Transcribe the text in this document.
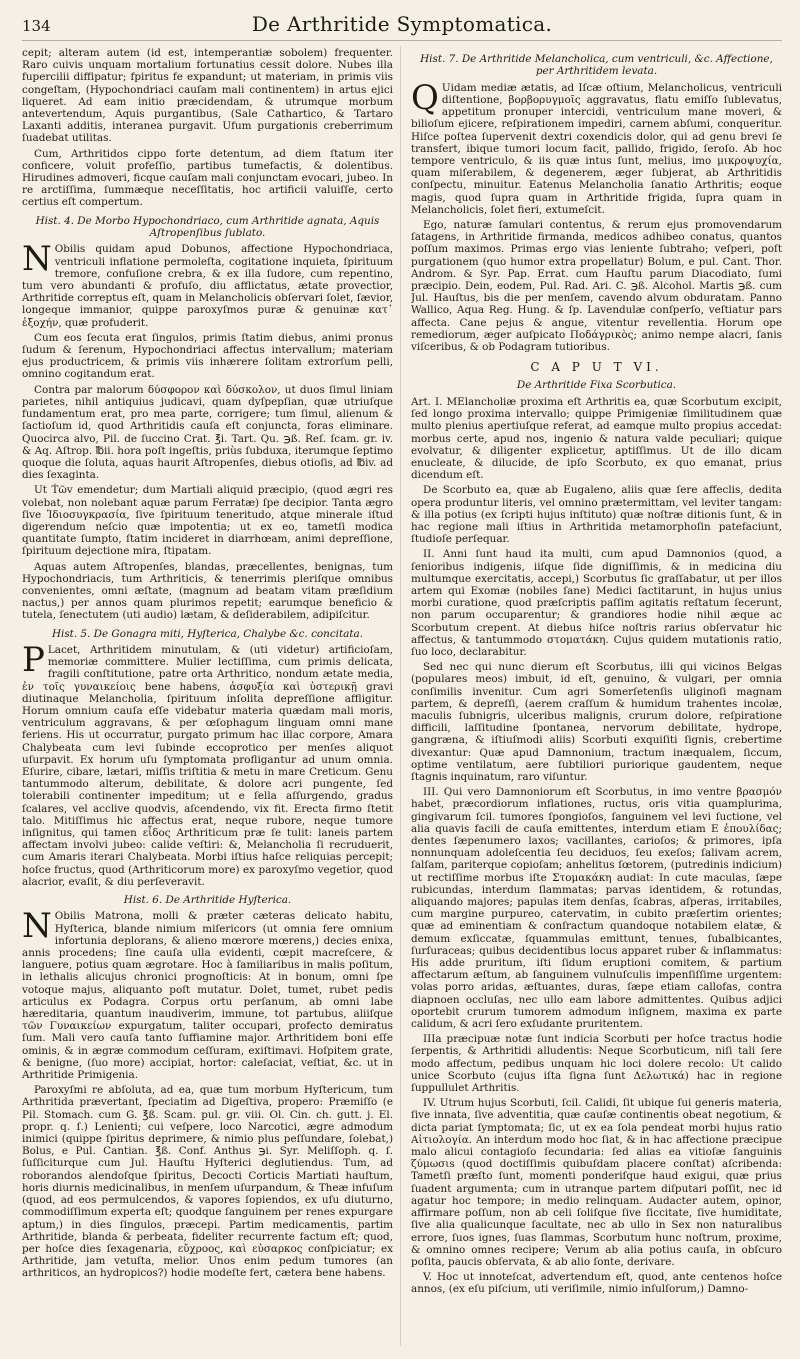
134	De Arthritide Symptomatica.

cepit; alteram autem (id est, intemperantiæ sobolem) frequenter. Raro cuivis unquam mortalium fortunatius cessit dolore. Nubes illa fupercilii diffipatur; fpiritus fe expandunt; ut materiam, in primis viis congeſtam, (Hypochondriaci cauſam mali continentem) in artus ejici liqueret. Ad eam initio præcidendam, & utrumque morbum antevertendum, Aquis purgantibus, (Sale Cathartico, & Tartaro Laxanti additis, interanea purgavit. Ufum purgationis creberrimum ſuadebat utilitas.

Cum, Arthritidos cippo forte detentum, ad diem ſtatum iter conficere, voluit profeſſio, partibus tumefactis, & dolentibus. Hirudines admoveri, ficque cauſam mali conjunctam evocari, jubeo. In re arctiſſima, ſummæque neceſſitatis, hoc artificii valuiſſe, certo certius eſt compertum.

Hist. 4. De Morbo Hypochondriaco, cum Arthritide agnata, Aquis Aſtropenſibus ſublato.

N Obilis quidam apud Dobunos, affectione Hypochondriaca, ventriculi inflatione permoleſta, cogitatione inquieta, ſpirituum tremore, confuſione crebra, & ex illa ſudore, cum repentino, tum vero abundanti & profuſo, diu afflictatus, ætate provectior, Arthritide correptus eſt, quam in Melancholicis obſervari ſolet, ſævior, longeque immanior, quippe paroxyſmos puræ & genuinæ κατ᾽ ἐξοχήν, quæ profuderit.

Cum eos ſecuta erat ſingulos, primis ſtatim diebus, animi pronus ſudum & ſerenum, Hypochondriaci affectus intervallum; materiam ejus productricem, & primis viis inhærere ſolitam extrorſum pelli, omnino cogitandum erat.

Contra par malorum δύσφορον καὶ δύσκολον, ut duos ſimul liniam parietes, nihil antiquius judicavi, quam dyſpepſian, quæ utriuſque fundamentum erat, pro mea parte, corrigere; tum ſimul, alienum & ſactioſum id, quod Arthritidis cauſa eſt conjuncta, foras eliminare. Quocirca alvo, Pil. de ſuccino Crat. ℥i. Tart. Qu. ℈ß. Reſ. ſcam. gr. iv. & Aq. Aſtrop. ℔ii. hora poſt ingeſtis, priùs ſubduxa, iterumque ſeptimo quoque die ſoluta, aquas haurit Aſtropenſes, diebus otioſis, ad ℔iv. ad dies ſexaginta.

Ut Ṫῶv emendetur; dum Martiali aliquid præcipio, (quod ægri res volebat, non nolebant aquæ parum Ferratæ) ſpe decipior. Tanta ægro ſive Ἰδιοσυγκρασία, ſive ſpirituum teneritudo, atque minerale iſtud digerendum neſcio quæ impotentia; ut ex eo, tametſi modica quantitate ſumpto, ſtatim incideret in diarrhœam, animi depreſſione, ſpirituum dejectione mira, ſtipatam.

Aquas autem Aſtropenſes, blandas, præcellentes, benignas, tum Hypochondriacis, tum Arthriticis, & tenerrimis pleriſque omnibus convenientes, omni æſtate, (magnum ad beatam vitam præſidium nactus,) per annos quam plurimos repetit; earumque beneficio & tutela, ſenectutem (uti audio) lætam, & deſiderabilem, adipiſcitur.

Hist. 5. De Gonagra miti, Hyſterica, Chalybe &c. concitata.

P Lacet, Arthritidem minutulam, & (uti videtur) artificioſam, memoriæ committere. Mulier lectiſſima, cum primis delicata, fragili conſtitutione, patre orta Arthritico, nondum ætate media, ἐν τοῖς γυναικείοις bene habens, ἀσφυξία καὶ ὑστερικῇ gravi diutinaque Melancholia, ſpirituum inſolita depreſſione affligitur. Horum omnium cauſa eſſe videbatur materia quædam mali moris, ventriculum aggravans, & per œſophagum linguam omni mane feriens. His ut occurratur, purgato primum hac illac corpore, Amara Chalybeata cum levi ſubinde eccoprotico per menſes aliquot uſurpavit. Ex horum uſu ſymptomata profligantur ad unum omnia. Eſurire, cibare, lætari, miſſis triſtitia & metu in mare Creticum. Genu tantummodo alterum, debilitate, & dolore acri pungente, ſed tolerabili continenter impeditum; ut e ſella aſſurgendo, gradus ſcalares, vel acclive quodvis, aſcendendo, vix fit. Erecta firmo ſtetit talo. Mitiſſimus hic affectus erat, neque rubore, neque tumore inſignitus, qui tamen εἶδος Arthriticum præ ſe tulit: laneis partem affectam involvi jubeo: calide veſtiri: &, Melancholia ſi recruduerit, cum Amaris iterari Chalybeata. Morbi iſtius haſce reliquias percepit; hoſce fructus, quod (Arthriticorum more) ex paroxyſmo vegetior, quod alacrior, evaſit, & diu perſeveravit.

Hist. 6. De Arthritide Hyſterica.

N Obilis Matrona, molli & præter cæteras delicato habitu, Hyſterica, blande nimium miſericors (ut omnia fere omnium infortunia deplorans, & alieno mœrore mœrens,) decies enixa, annis procedens; ſine cauſa ulla evidenti, cœpit macreſcere, & languere, potius quam ægrotare. Hoc à ſamiliaribus in malis poſitum, in lethalis alicujus chronici prognoſticis: At in bonum, omni ſpe votoque majus, aliquanto poſt mutatur. Dolet, tumet, rubet pedis articulus ex Podagra. Corpus ortu perſanum, ab omni labe hæreditaria, quantum inaudiverim, immune, tot partubus, aliiſque τῶν Γυναικείων expurgatum, taliter occupari, profecto demiratus ſum. Mali vero cauſa tanto ſuffiamine major. Arthritidem boni eſſe ominis, & in ægræ commodum ceſſuram, exiſtimavi. Hoſpitem grate, & benigne, (ſuo more) accipiat, hortor: caleſaciat, veſtiat, &c. ut in Arthritide Primigenia.

Paroxyſmi re abſoluta, ad ea, quæ tum morbum Hyſtericum, tum Arthritida prævertant, ſpeciatim ad Digeſtiva, propero: Præmiſſo (e Pil. Stomach. cum G. ℥ß. Scam. pul. gr. viii. Ol. Cin. ch. gutt. j. El. propr. q. ſ.) Lenienti; cui veſpere, loco Narcotici, ægre admodum inimici (quippe ſpiritus deprimere, & nimio plus peſſundare, ſolebat,) Bolus, e Pul. Cantian. ℥ß. Conf. Anthus ℈i. Syr. Meliſſoph. q. ſ. ſuſſiciturque cum Jul. Hauſtu Hyſterici deglutiendus. Tum, ad roborandos alendoſque ſpiritus, Decocti Corticis Martiati hauſtum, horis diurnis medicinalibus, in menſem uſurpandum, & Theæ infuſum (quod, ad eos permulcendos, & vapores ſopiendos, ex uſu diuturno, commodiſſimum experta eſt; quodque ſanguinem per renes expurgare aptum,) in dies ſingulos, præcepi. Partim medicamentis, partim Arthritide, blanda & perbeata, fideliter recurrente factum eſt; quod, per hoſce dies ſexagenaria, εὔχροος, καὶ εὐσαρκος conſpiciatur; ex Arthritide, jam vetuſta, melior. Unos enim pedum tumores (an arthriticos, an hydropicos?) hodie modeſte fert, cætera bene habens.

Hist. 7. De Arthritide Melancholica, cum ventriculi, &c. Affectione, per Arthritidem levata.

Q Uidam mediæ ætatis, ad Iſcæ oſtium, Melancholicus, ventriculi diſtentione, βορβορυγμοῖς aggravatus, flatu emiſſo ſublevatus, appetitum pronuper intercidi, ventriculum mane moveri, & bilioſum ejicere, reſpirationem impediri, carnem abſumi, conqueritur. Hiſce poſtea ſupervenit dextri coxendicis dolor, qui ad genu brevi ſe transfert, ibique tumori locum facit, pallido, frigido, ſeroſo. Ab hoc tempore ventriculo, & iis quæ intus ſunt, melius, imo μικροψυχία, quam miſerabilem, & degenerem, æger ſubjerat, ab Arthritidis conſpectu, minuitur. Eatenus Melancholia ſanatio Arthritis; eoque magis, quod ſupra quam in Arthritide frigida, ſupra quam in Melancholicis, ſolet fieri, extumeſcit.

Ego, naturæ ſamulari contentus, & rerum ejus promovendarum ſatagens, in Arthritide firmanda, medicos adhibeo conatus, quantos poſſum maximos. Primas ergo vias leniente ſubtraho; veſperi, poſt purgationem (quo humor extra propellatur) Bolum, e pul. Cant. Thor. Androm. & Syr. Pap. Errat. cum Hauſtu parum Diacodiato, ſumi præcipio. Dein, eodem, Pul. Rad. Ari. C. ℈ß. Alcohol. Martis ℈ß. cum Jul. Hauſtus, bis die per menſem, cavendo alvum obduratam. Panno Wallico, Aqua Reg. Hung. & ſp. Lavendulæ conſperſo, veſtiatur pars affecta. Cane pejus & angue, vitentur revellentia. Horum ope remediorum, æger auſpicato Ποδάγρικὸς; animo nempe alacri, ſanis viſceribus, & ob Podagram tutioribus.

C A P U T VI.
De Arthritide Fixa Scorbutica.

Art. I. MElancholiæ proxima eſt Arthritis ea, quæ Scorbutum excipit, ſed longo proxima intervallo; quippe Primigeniæ ſimilitudinem quæ multo plenius apertiuſque referat, ad eamque multo propius accedat: morbus certe, apud nos, ingenio & natura valde peculiari; quique evolvatur, & diligenter explicetur, aptiſſimus. Ut de illo dicam enucleate, & dilucide, de ipſo Scorbuto, ex quo emanat, prius dicendum eſt.

De Scorbuto ea, quæ ab Eugaleno, aliis quæ ſere affeclis, dedita opera produntur literis, vel omnino prætermittam, vel leviter tangam: & illa potius (ex ſcripti hujus inſtituto) quæ noſtræ ditionis ſunt, & in hac regione mali iſtius in Arthritida metamorphoſin patefaciunt, ſtudioſe perſequar.

II. Anni ſunt haud ita multi, cum apud Damnonios (quod, a ſenioribus indigenis, iiſque ſide digniſſimis, & in medicina diu multumque exercitatis, accepi,) Scorbutus ſic graſſabatur, ut per illos artem qui Exomæ (nobiles ſane) Medici ſactitarunt, in hujus unius morbi curatione, quod præſcriptis paſſim agitatis reſtatum ſecerunt, non parum occuparentur; & grandiores hodie nihil æque ac Scorbutum crepent. At diebus hiſce noſtris rarius obſervatur hic affectus, & tantummodo στοματάκη. Cujus quidem mutationis ratio, ſuo loco, declarabitur.

Sed nec qui nunc dierum eſt Scorbutus, illi qui vicinos Belgas (populares meos) imbuit, id eſt, genuino, & vulgari, per omnia conſimilis invenitur. Cum agri Somerſetenſis uliginoſi magnam partem, & depreſſi, (aerem craſſum & humidum trahentes incolæ, maculis ſubnigris, ulceribus malignis, crurum dolore, reſpiratione difficili, laſſitudine ſpontanea, nervorum debilitate, hydrope, gangræna, & iſtiuſmodi aliis) Scorbuti exquiſiti ſignis, crebertime divexantur: Quæ apud Damnonium, tractum inæqualem, ſiccum, optime ventilatum, aere ſubtiliori puriorique gaudentem, neque ſtagnis inquinatum, raro viſuntur.

III. Qui vero Damnoniorum eſt Scorbutus, in imo ventre βρασμόν habet, præcordiorum inflationes, ructus, oris vitia quamplurima, gingivarum ſcil. tumores ſpongioſos, ſanguinem vel levi ſuctione, vel alia quavis facili de cauſa emittentes, interdum etiam E ἐπουλίδας; dentes ſæpenumero laxos; vacillantes, carioſos; & primores, ipſa nonnunquam adoleſcentia ſeu deciduos, ſeu exeſos; ſalivam acrem, ſalſam, pariterque copioſam; anhelitus ſœtorem, (putredinis indicium) ut rectiſſime morbus iſte Στομακάκη audiat: In cute maculas, ſæpe rubicundas, interdum ſlammatas; parvas identidem, & rotundas, aliquando majores; papulas item denſas, ſcabras, aſperas, irritabiles, cum margine purpureo, catervatim, in cubito præſertim orientes; quæ ad eminentiam & conſractum quandoque notabilem elatæ, & demum exſiccatæ, ſquammulas emittunt, tenues, ſubalbicantes, ſurſuraceas; quibus decidentibus locus apparet ruber & inſlammatus: His adde pruritum, iſti ſidum eruptioni comitem, & partium affectarum æſtum, ab ſanguinem vulnuſculis impenſiſſime urgentem: volas porro aridas, æſtuantes, duras, ſæpe etiam callofas, contra diapnoen occluſas, nec ullo eam labore admittentes. Quibus adjici oportebit crurum tumorem admodum inſignem, maxima ex parte calidum, & acri ſero exſudante pruritentem.

IIIa præcipuæ notæ ſunt indicia Scorbuti per hoſce tractus hodie ſerpentis, & Arthritidi alludentis: Neque Scorbuticum, niſi tali ſere modo affectum, pedibus unquam hic loci dolere recolo: Ut calido unice Scorbuto (cujus iſta ſigna ſunt Δελωτικά) hac in regione ſuppullulet Arthritis.

IV. Utrum hujus Scorbuti, ſcil. Calidi, ſit ubique ſui generis materia, ſive innata, ſive adventitia, quæ cauſæ continentis obeat negotium, & dicta pariat ſymptomata; ſic, ut ex ea ſola pendeat morbi hujus ratio Αἰτιολογία. An interdum modo hoc ſiat, & in hac affectione præcipue malo alicui contagioſo ſecundaria: ſed alias ea vitioſæ ſanguinis ζύμωσιs (quod doctiſſimis quibuſdam placere conſtat) aſcribenda: Tametſi præſto ſunt, momenti ponderiſque haud exigui, quæ prius ſuadent argumenta; cum in utranque partem diſputari poſſit, nec id agatur hoc tempore; in medio relinquam. Audacter autem, opinor, affirmare poſſum, non ab celi ſoliſque ſive ſiccitate, ſive humiditate, ſive alia qualicunque ſacultate, nec ab ullo in Sex non naturalibus errore, ſuos ignes, ſuas ſlammas, Scorbutum hunc noſtrum, proxime, & omnino omnes recipere; Verum ab alia potius cauſa, in obſcuro poſita, paucis obſervata, & ab alio ſonte, derivare.

V. Hoc ut innoteſcat, advertendum eſt, quod, ante centenos hoſce annos, (ex eſu piſcium, uti veriſimile, nimio inſulſorum,) Damno-
